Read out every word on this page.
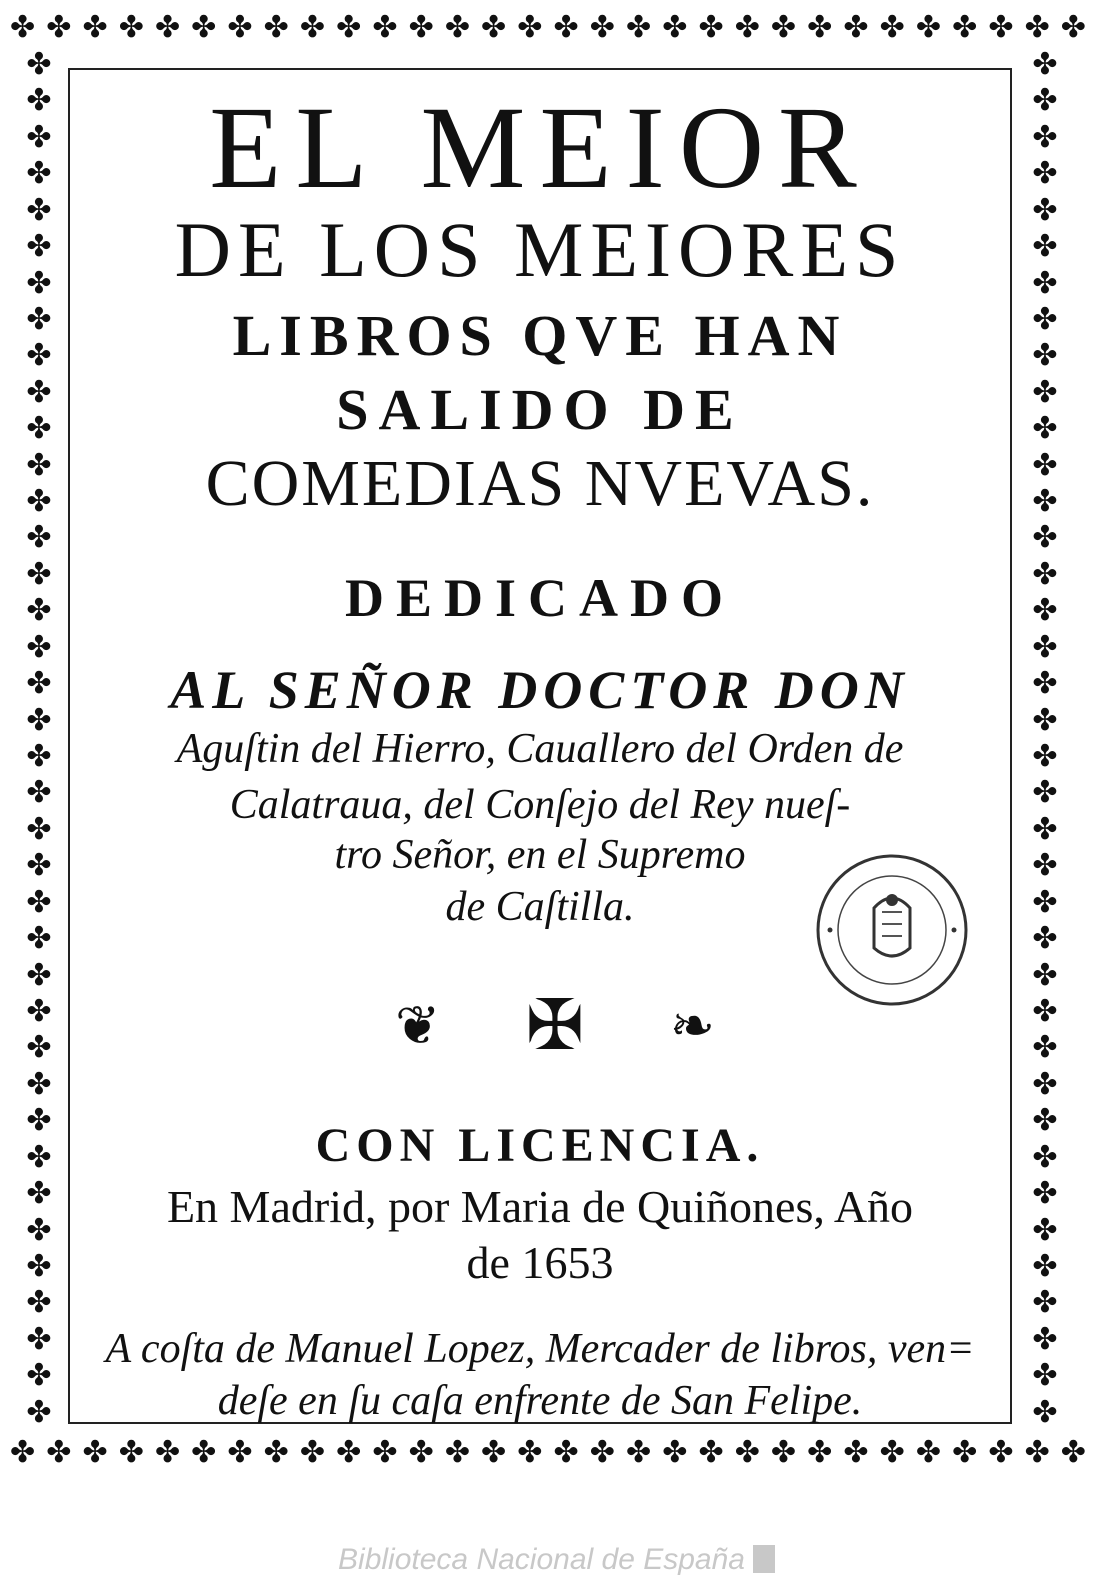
✤ ✤ ✤ ✤ ✤ ✤ ✤ ✤ ✤ ✤ ✤ ✤ ✤ ✤ ✤ ✤ ✤ ✤ ✤ ✤ ✤ ✤ ✤ ✤ ✤ ✤ ✤ ✤ ✤ ✤
✤ ✤ ✤ ✤ ✤ ✤ ✤ ✤ ✤ ✤ ✤ ✤ ✤ ✤ ✤ ✤ ✤ ✤ ✤ ✤ ✤ ✤ ✤ ✤ ✤ ✤ ✤ ✤ ✤ ✤
✤
✤
✤
✤
✤
✤
✤
✤
✤
✤
✤
✤
✤
✤
✤
✤
✤
✤
✤
✤
✤
✤
✤
✤
✤
✤
✤
✤
✤
✤
✤
✤
✤
✤
✤
✤
✤
✤
✤
✤
✤
✤
✤
✤
✤
✤
✤
✤
✤
✤
✤
✤
✤
✤
✤
✤
✤
✤
✤
✤
✤
✤
✤
✤
✤
✤
✤
✤
✤
✤
✤
✤
✤
✤
✤
✤
EL MEIOR
DE LOS MEIORES
LIBROS QVE HAN
SALIDO DE
COMEDIAS NVEVAS.
DEDICADO
AL SEÑOR DOCTOR DON
Aguſtin del Hierro, Cauallero del Orden de
Calatraua, del Conſejo del Rey nueſ-
tro Señor, en el Supremo
de Caſtilla.
❦ ✠ ❧
CON LICENCIA.
En Madrid, por Maria de Quiñones, Año
de 1653
A coſta de Manuel Lopez, Mercader de libros, ven=
deſe en ſu caſa enfrente de San Felipe.
Biblioteca Nacional de España
